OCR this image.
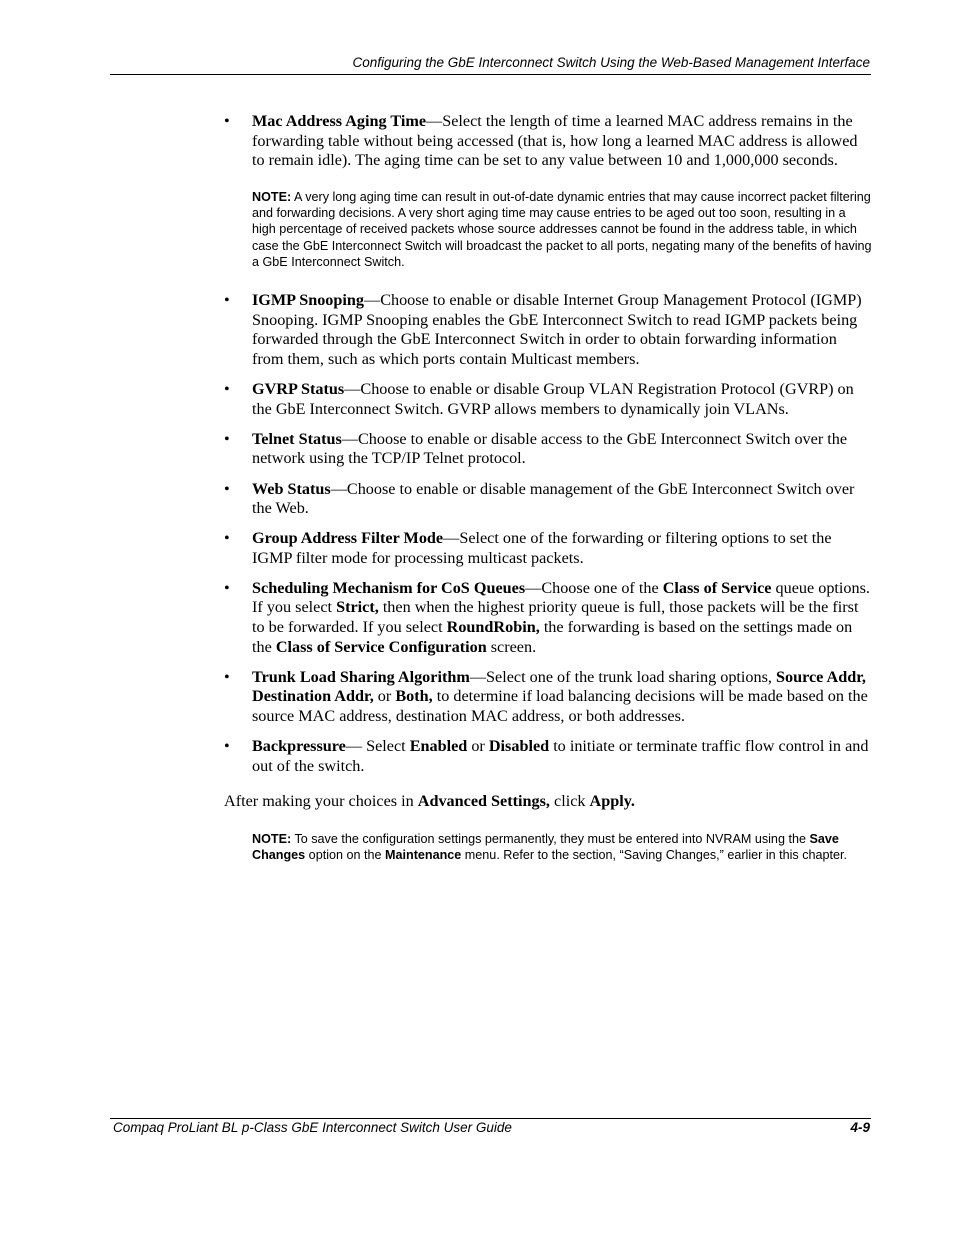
Configuring the GbE Interconnect Switch Using the Web-Based Management Interface
• Mac Address Aging Time—Select the length of time a learned MAC address remains in the forwarding table without being accessed (that is, how long a learned MAC address is allowed to remain idle). The aging time can be set to any value between 10 and 1,000,000 seconds.
NOTE: A very long aging time can result in out-of-date dynamic entries that may cause incorrect packet filtering and forwarding decisions. A very short aging time may cause entries to be aged out too soon, resulting in a high percentage of received packets whose source addresses cannot be found in the address table, in which case the GbE Interconnect Switch will broadcast the packet to all ports, negating many of the benefits of having a GbE Interconnect Switch.
• IGMP Snooping—Choose to enable or disable Internet Group Management Protocol (IGMP) Snooping. IGMP Snooping enables the GbE Interconnect Switch to read IGMP packets being forwarded through the GbE Interconnect Switch in order to obtain forwarding information from them, such as which ports contain Multicast members.
• GVRP Status—Choose to enable or disable Group VLAN Registration Protocol (GVRP) on the GbE Interconnect Switch. GVRP allows members to dynamically join VLANs.
• Telnet Status—Choose to enable or disable access to the GbE Interconnect Switch over the network using the TCP/IP Telnet protocol.
• Web Status—Choose to enable or disable management of the GbE Interconnect Switch over the Web.
• Group Address Filter Mode—Select one of the forwarding or filtering options to set the IGMP filter mode for processing multicast packets.
• Scheduling Mechanism for CoS Queues—Choose one of the Class of Service queue options. If you select Strict, then when the highest priority queue is full, those packets will be the first to be forwarded. If you select RoundRobin, the forwarding is based on the settings made on the Class of Service Configuration screen.
• Trunk Load Sharing Algorithm—Select one of the trunk load sharing options, Source Addr, Destination Addr, or Both, to determine if load balancing decisions will be made based on the source MAC address, destination MAC address, or both addresses.
• Backpressure— Select Enabled or Disabled to initiate or terminate traffic flow control in and out of the switch.

After making your choices in Advanced Settings, click Apply.

NOTE: To save the configuration settings permanently, they must be entered into NVRAM using the Save Changes option on the Maintenance menu. Refer to the section, “Saving Changes,” earlier in this chapter.
Compaq ProLiant BL p-Class GbE Interconnect Switch User Guide	4-9
